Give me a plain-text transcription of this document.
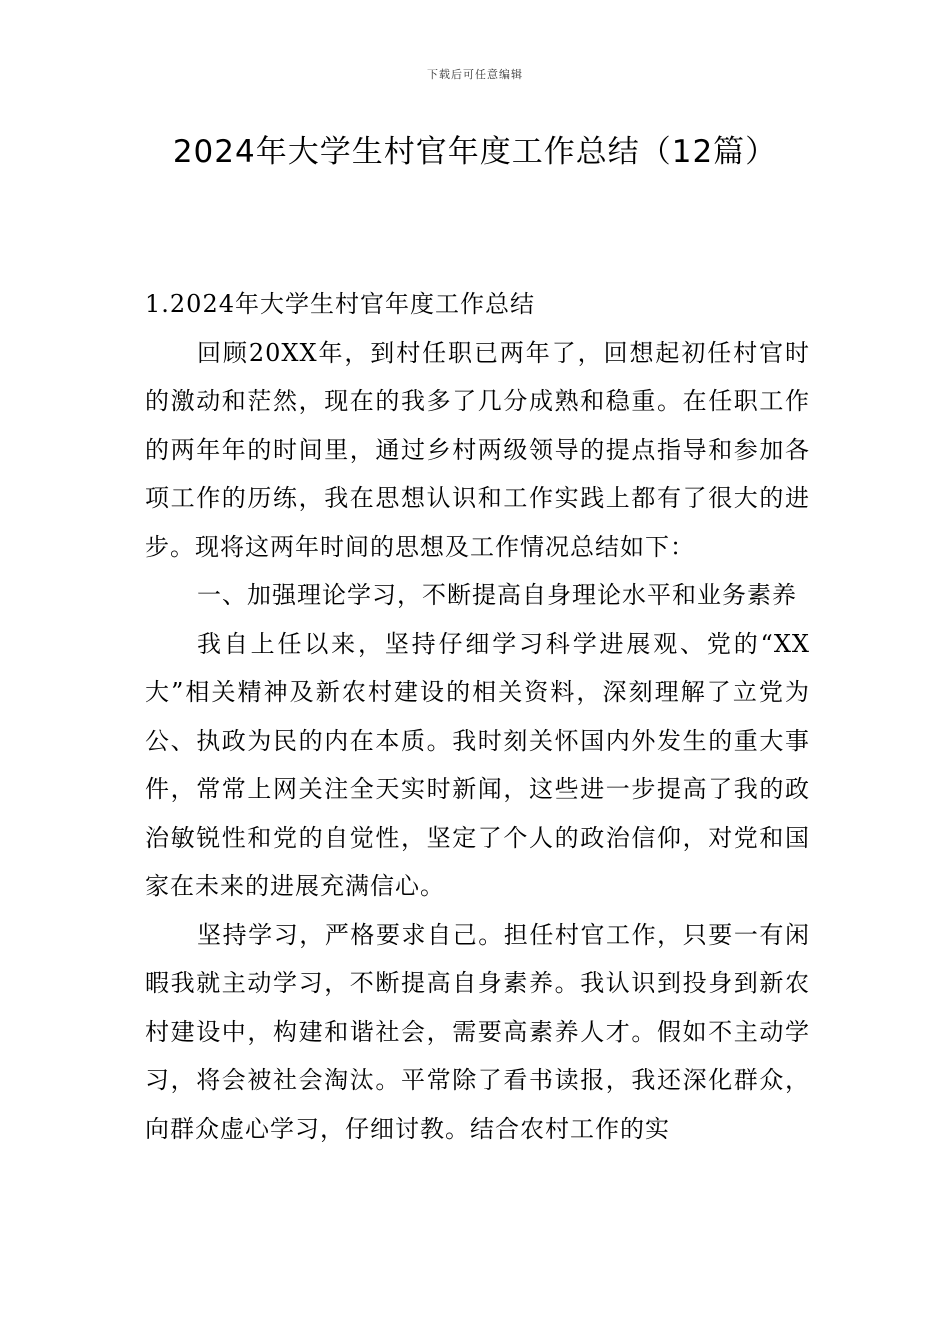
下载后可任意编辑
2024年大学生村官年度工作总结（12篇）

1.2024年大学生村官年度工作总结

回顾20XX年，到村任职已两年了，回想起初任村官时的激动和茫然，现在的我多了几分成熟和稳重。在任职工作的两年年的时间里，通过乡村两级领导的提点指导和参加各项工作的历练，我在思想认识和工作实践上都有了很大的进步。现将这两年时间的思想及工作情况总结如下：

一、加强理论学习，不断提高自身理论水平和业务素养

我自上任以来，坚持仔细学习科学进展观、党的“XX大”相关精神及新农村建设的相关资料，深刻理解了立党为公、执政为民的内在本质。我时刻关怀国内外发生的重大事件，常常上网关注全天实时新闻，这些进一步提高了我的政治敏锐性和党的自觉性，坚定了个人的政治信仰，对党和国家在未来的进展充满信心。

坚持学习，严格要求自己。担任村官工作，只要一有闲暇我就主动学习，不断提高自身素养。我认识到投身到新农村建设中，构建和谐社会，需要高素养人才。假如不主动学习，将会被社会淘汰。平常除了看书读报，我还深化群众，向群众虚心学习，仔细讨教。结合农村工作的实
